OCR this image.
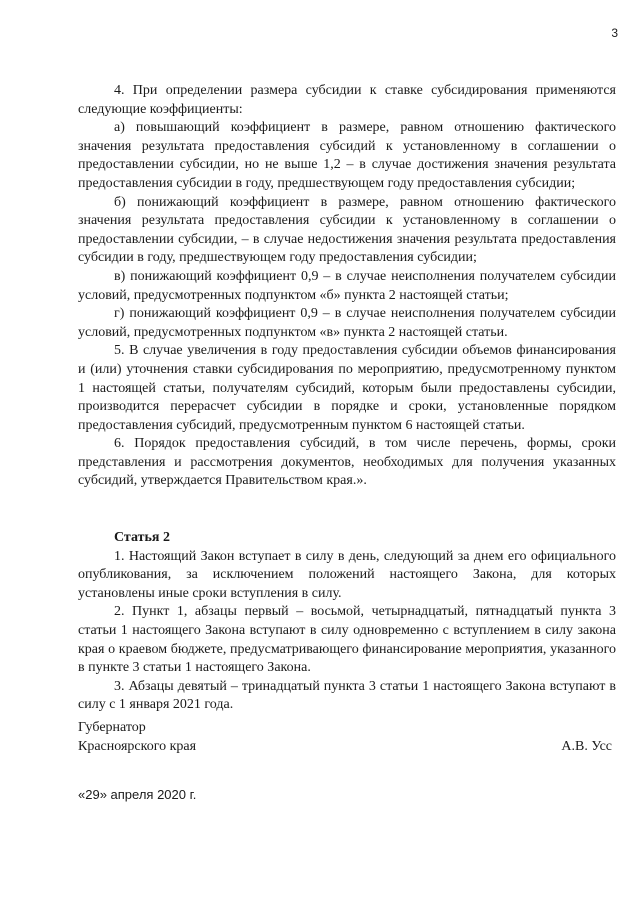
3

4. При определении размера субсидии к ставке субсидирования применяются следующие коэффициенты:

а) повышающий коэффициент в размере, равном отношению фактического значения результата предоставления субсидий к установленному в соглашении о предоставлении субсидии, но не выше 1,2 – в случае достижения значения результата предоставления субсидии в году, предшествующем году предоставления субсидии;

б) понижающий коэффициент в размере, равном отношению фактического значения результата предоставления субсидии к установленному в соглашении о предоставлении субсидии, – в случае недостижения значения результата предоставления субсидии в году, предшествующем году предоставления субсидии;

в) понижающий коэффициент 0,9 – в случае неисполнения получателем субсидии условий, предусмотренных подпунктом «б» пункта 2 настоящей статьи;

г) понижающий коэффициент 0,9 – в случае неисполнения получателем субсидии условий, предусмотренных подпунктом «в» пункта 2 настоящей статьи.

5. В случае увеличения в году предоставления субсидии объемов финансирования и (или) уточнения ставки субсидирования по мероприятию, предусмотренному пунктом 1 настоящей статьи, получателям субсидий, которым были предоставлены субсидии, производится перерасчет субсидии в порядке и сроки, установленные порядком предоставления субсидий, предусмотренным пунктом 6 настоящей статьи.

6. Порядок предоставления субсидий, в том числе перечень, формы, сроки представления и рассмотрения документов, необходимых для получения указанных субсидий, утверждается Правительством края.».

Статья 2

1. Настоящий Закон вступает в силу в день, следующий за днем его официального опубликования, за исключением положений настоящего Закона, для которых установлены иные сроки вступления в силу.

2. Пункт 1, абзацы первый – восьмой, четырнадцатый, пятнадцатый пункта 3 статьи 1 настоящего Закона вступают в силу одновременно с вступлением в силу закона края о краевом бюджете, предусматривающего финансирование мероприятия, указанного в пункте 3 статьи 1 настоящего Закона.

3. Абзацы девятый – тринадцатый пункта 3 статьи 1 настоящего Закона вступают в силу с 1 января 2021 года.

Губернатор
Красноярского края	А.В. Усс
«29» апреля 2020 г.
